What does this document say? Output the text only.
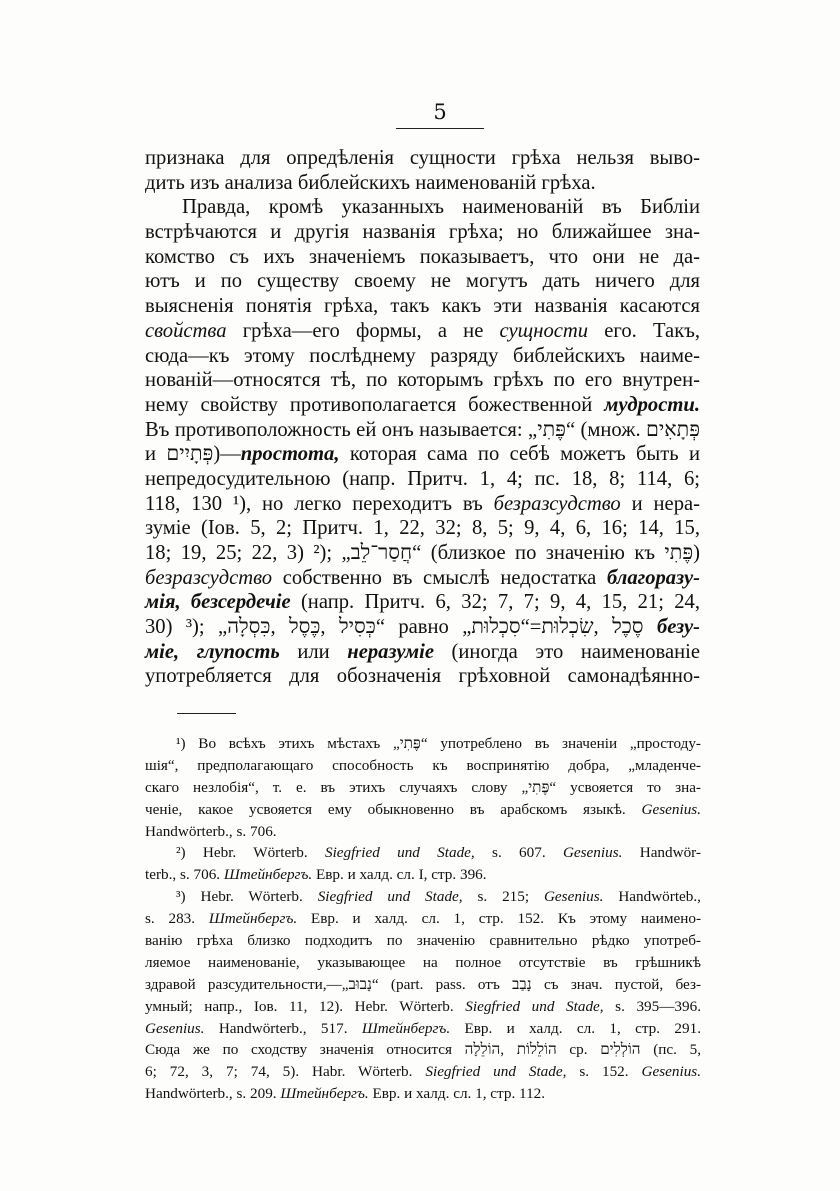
5
признака для опредѣленія сущности грѣха нельзя выво-
дить изъ анализа библейскихъ наименованій грѣха.
Правда, кромѣ указанныхъ наименованій въ Библіи
встрѣчаются и другія названія грѣха; но ближайшее зна-
комство съ ихъ значеніемъ показываетъ, что они не да-
ютъ и по существу своему не могутъ дать ничего для
выясненія понятія грѣха, такъ какъ эти названія касаются
свойства грѣха—его формы, а не сущности его. Такъ,
сюда—къ этому послѣднему разряду библейскихъ наиме-
нованій—относятся тѣ, по которымъ грѣхъ по его внутрен-
нему свойству противополагается божественной мудрости.
Въ противоположность ей онъ называется: „פֶּתִי“ (множ. פְּתָאִים
и פְּתָיִים)—простота, которая сама по себѣ можетъ быть и
непредосудительною (напр. Притч. 1, 4; пс. 18, 8; 114, 6;
118, 130 ¹), но легко переходитъ въ безразсудство и нера-
зуміе (Іов. 5, 2; Притч. 1, 22, 32; 8, 5; 9, 4, 6, 16; 14, 15,
18; 19, 25; 22, 3) ²); „חֲסַר־לֵב“ (близкое по значенію къ פֶּתִי)
безразсудство собственно въ смыслѣ недостатка благоразу-
мія, безсердечіе (напр. Притч. 6, 32; 7, 7; 9, 4, 15, 21; 24,
30) ³); „כְּסִיל ,כֶּסֶל ,כִּסְלָה“ равно „סִכְלוּת“=סֶכֶל ,שִׂכְלוּת безу-
міе, глупость или неразуміе (иногда это наименованіе
употребляется для обозначенія грѣховной самонадѣянно-
¹) Во всѣхъ этихъ мѣстахъ „פֶּתִי“ употреблено въ значеніи „простоду-
шія“, предполагающаго способность къ воспринятію добра, „младенче-
скаго незлобія“, т. е. въ этихъ случаяхъ слову „פֶּתִי“ усвояется то зна-
ченіе, какое усвояется ему обыкновенно въ арабскомъ языкѣ. Gesenius.
Handwörterb., s. 706.
²) Hebr. Wörterb. Siegfried und Stade, s. 607. Gesenius. Handwör-
terb., s. 706. Штейнбергъ. Евр. и халд. сл. I, стр. 396.
³) Hebr. Wörterb. Siegfried und Stade, s. 215; Gesenius. Handwörteb.,
s. 283. Штейнбергъ. Евр. и халд. сл. 1, стр. 152. Къ этому наимено-
ванію грѣха близко подходитъ по значенію сравнительно рѣдко употреб-
ляемое наименованіе, указывающее на полное отсутствіе въ грѣшникѣ
здравой разсудительности,—„נָבוּב“ (part. pass. отъ נָבַב съ знач. пустой, без-
умный; напр., Іов. 11, 12). Hebr. Wörterb. Siegfried und Stade, s. 395—396.
Gesenius. Handwörterb., 517. Штейнбергъ. Евр. и халд. сл. 1, стр. 291.
Сюда же по сходству значенія относится הוֹלֵלוֹת ,הוֹלֵלָה ср. הוֹלְלִים (пс. 5,
6; 72, 3, 7; 74, 5). Habr. Wörterb. Siegfried und Stade, s. 152. Gesenius.
Handwörterb., s. 209. Штейнбергъ. Евр. и халд. сл. 1, стр. 112.
